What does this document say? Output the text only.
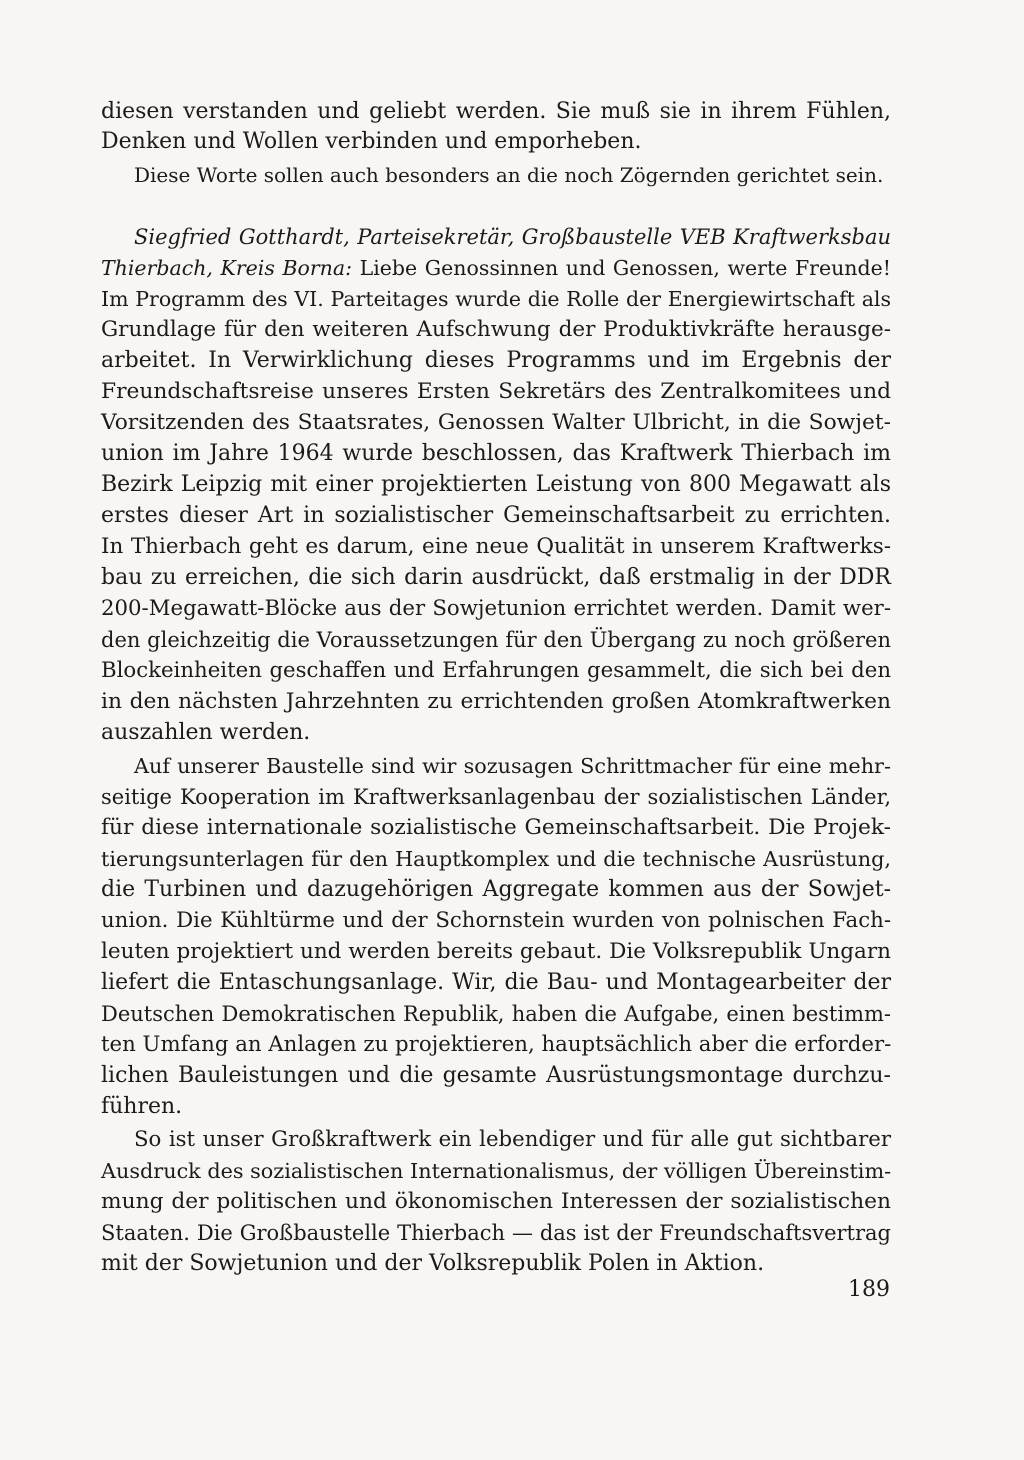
diesen verstanden und geliebt werden. Sie muß sie in ihrem Fühlen,
Denken und Wollen verbinden und emporheben.
Diese Worte sollen auch besonders an die noch Zögernden gerichtet sein.
Siegfried Gotthardt, Parteisekretär, Großbaustelle VEB Kraftwerksbau
Thierbach, Kreis Borna: Liebe Genossinnen und Genossen, werte Freunde!
Im Programm des VI. Parteitages wurde die Rolle der Energiewirtschaft als
Grundlage für den weiteren Aufschwung der Produktivkräfte herausge-
arbeitet. In Verwirklichung dieses Programms und im Ergebnis der
Freundschaftsreise unseres Ersten Sekretärs des Zentralkomitees und
Vorsitzenden des Staatsrates, Genossen Walter Ulbricht, in die Sowjet-
union im Jahre 1964 wurde beschlossen, das Kraftwerk Thierbach im
Bezirk Leipzig mit einer projektierten Leistung von 800 Megawatt als
erstes dieser Art in sozialistischer Gemeinschaftsarbeit zu errichten.
In Thierbach geht es darum, eine neue Qualität in unserem Kraftwerks-
bau zu erreichen, die sich darin ausdrückt, daß erstmalig in der DDR
200-Megawatt-Blöcke aus der Sowjetunion errichtet werden. Damit wer-
den gleichzeitig die Voraussetzungen für den Übergang zu noch größeren
Blockeinheiten geschaffen und Erfahrungen gesammelt, die sich bei den
in den nächsten Jahrzehnten zu errichtenden großen Atomkraftwerken
auszahlen werden.
Auf unserer Baustelle sind wir sozusagen Schrittmacher für eine mehr-
seitige Kooperation im Kraftwerksanlagenbau der sozialistischen Länder,
für diese internationale sozialistische Gemeinschaftsarbeit. Die Projek-
tierungsunterlagen für den Hauptkomplex und die technische Ausrüstung,
die Turbinen und dazugehörigen Aggregate kommen aus der Sowjet-
union. Die Kühltürme und der Schornstein wurden von polnischen Fach-
leuten projektiert und werden bereits gebaut. Die Volksrepublik Ungarn
liefert die Entaschungsanlage. Wir, die Bau- und Montagearbeiter der
Deutschen Demokratischen Republik, haben die Aufgabe, einen bestimm-
ten Umfang an Anlagen zu projektieren, hauptsächlich aber die erforder-
lichen Bauleistungen und die gesamte Ausrüstungsmontage durchzu-
führen.
So ist unser Großkraftwerk ein lebendiger und für alle gut sichtbarer
Ausdruck des sozialistischen Internationalismus, der völligen Übereinstim-
mung der politischen und ökonomischen Interessen der sozialistischen
Staaten. Die Großbaustelle Thierbach — das ist der Freundschaftsvertrag
mit der Sowjetunion und der Volksrepublik Polen in Aktion.
189
